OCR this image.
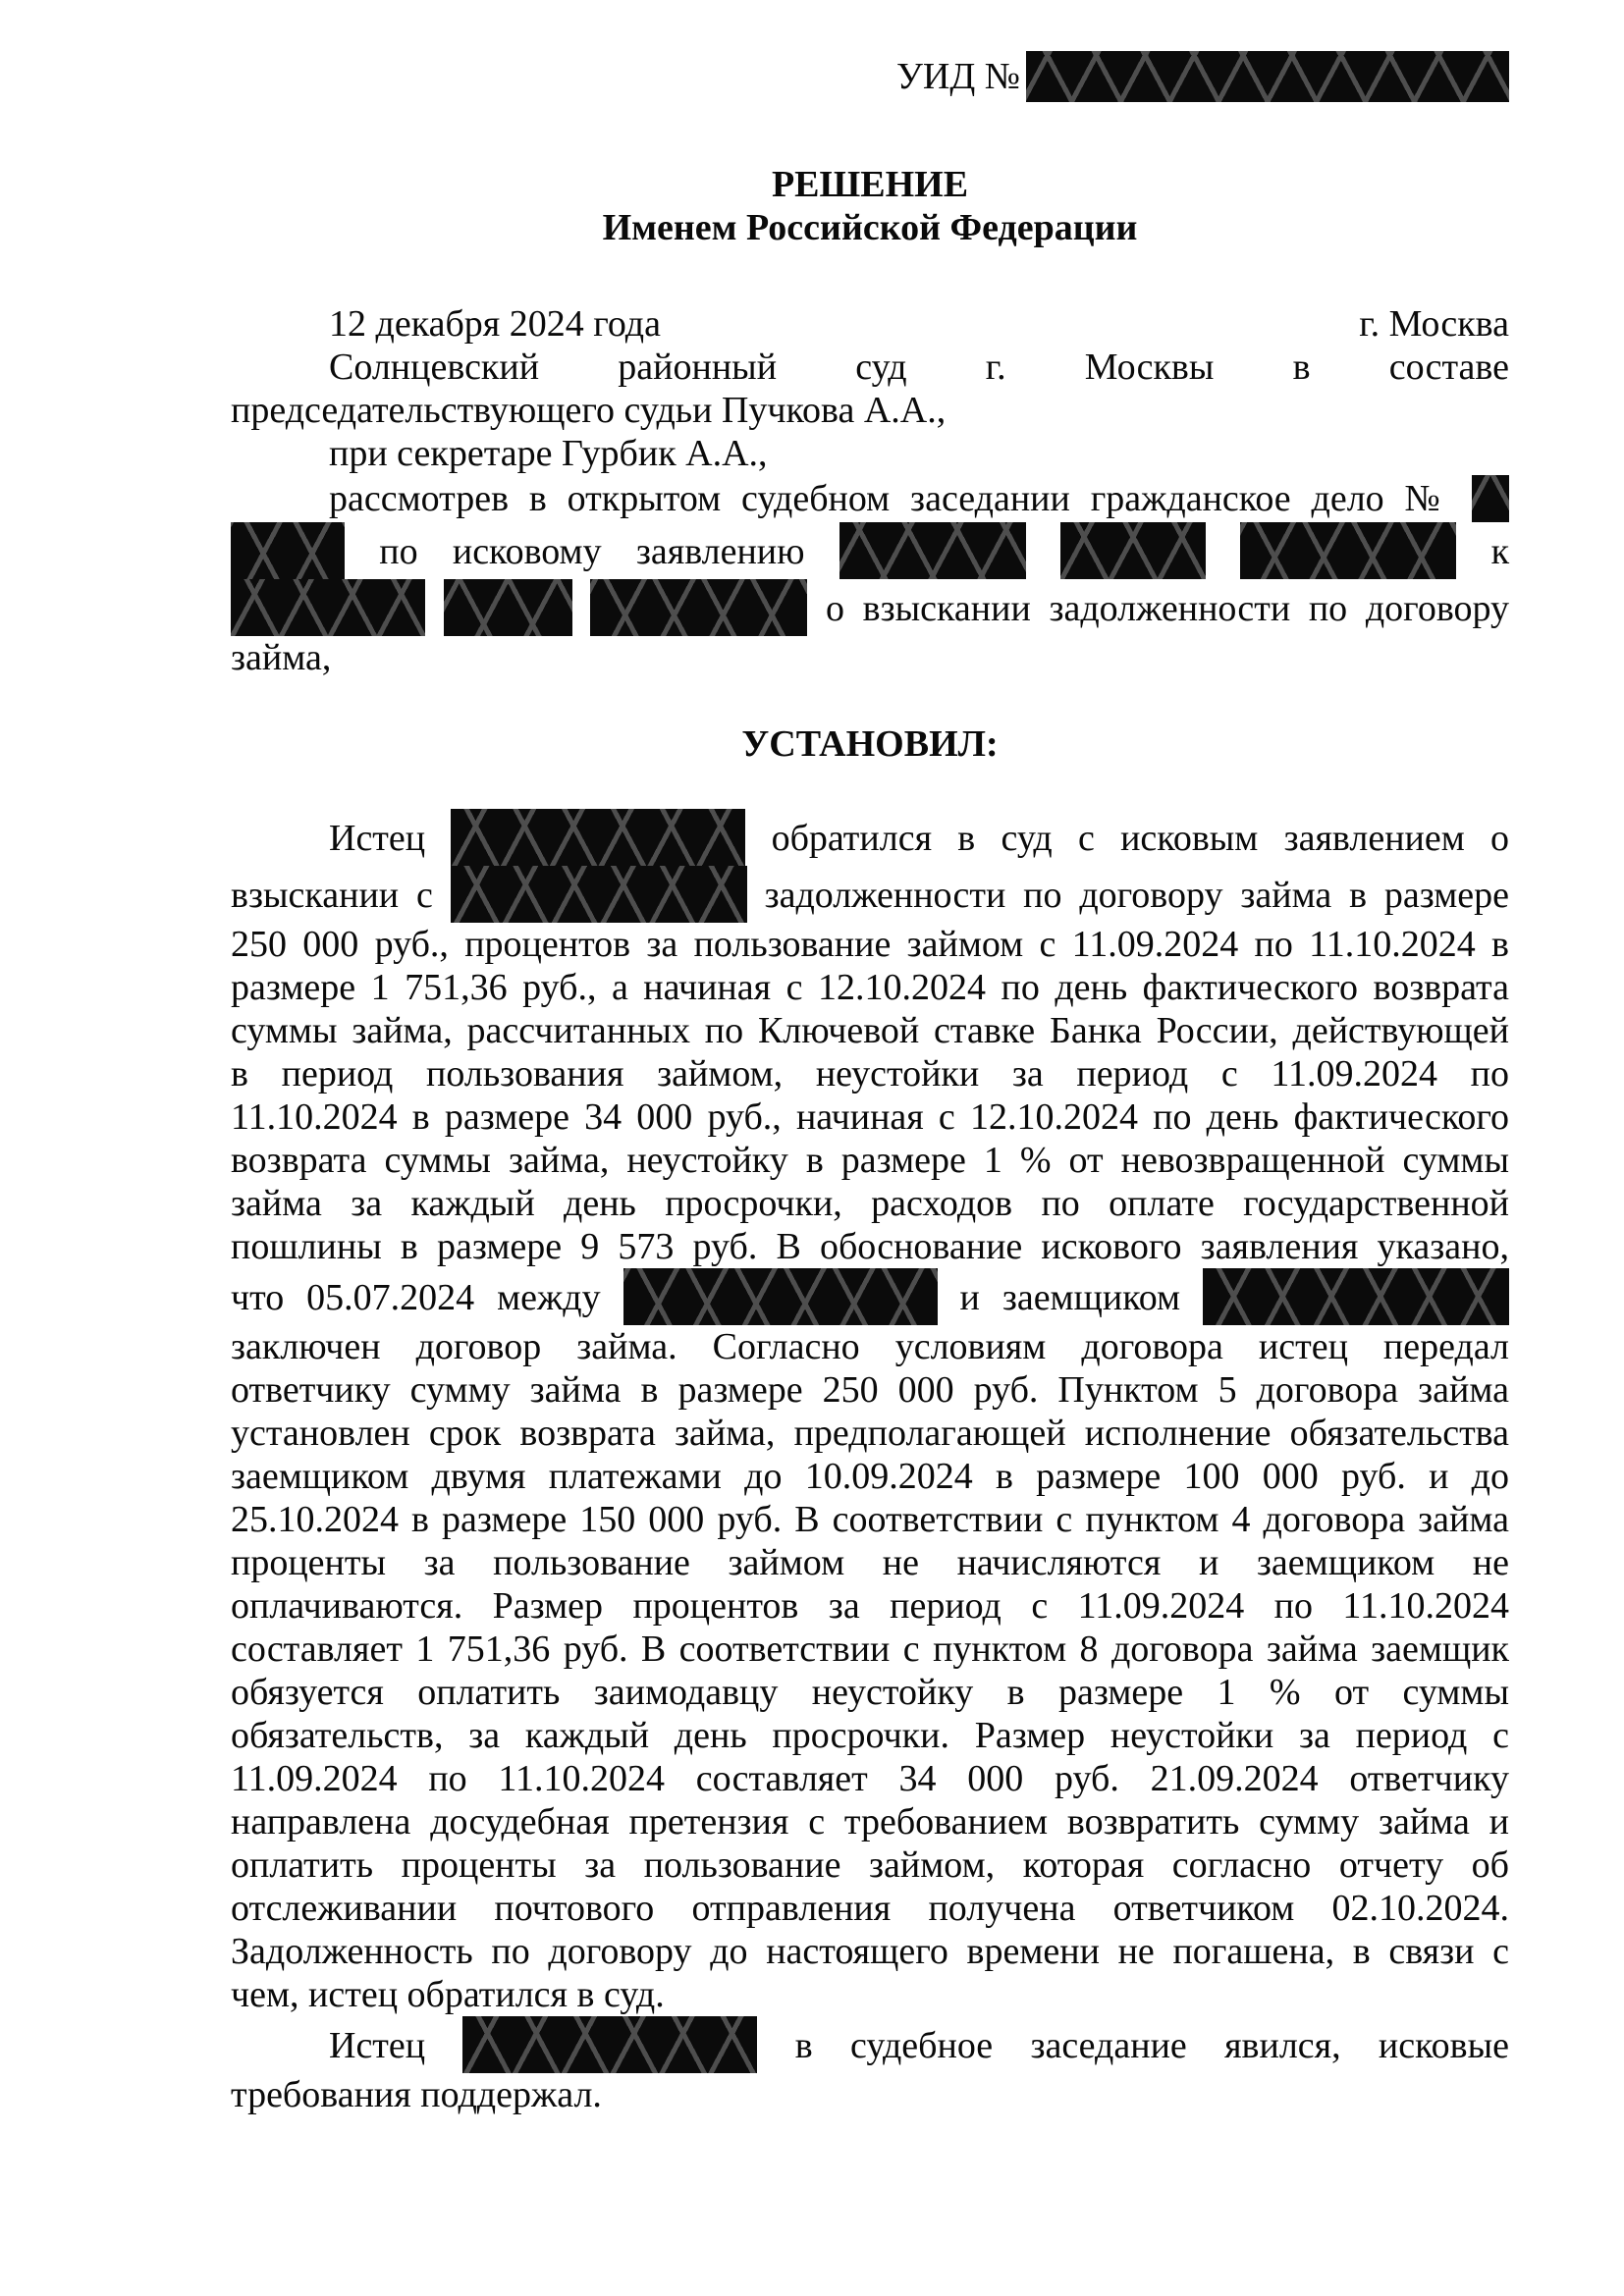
УИД №
РЕШЕНИЕ
Именем Российской Федерации
12 декабря 2024 года	г. Москва
Солнцевский районный суд г. Москвы в составе
председательствующего судьи Пучкова А.А.,
при секретаре Гурбик А.А.,
рассмотрев в открытом судебном заседании гражданское дело №
по исковому заявлению	к
о взыскании задолженности по договору
займа,
УСТАНОВИЛ:
Истец	обратился в суд с исковым заявлением о
взыскании с	задолженности по договору займа в размере
250 000 руб., процентов за пользование займом с 11.09.2024 по 11.10.2024 в
размере 1 751,36 руб., а начиная с 12.10.2024 по день фактического возврата
суммы займа, рассчитанных по Ключевой ставке Банка России, действующей
в период пользования займом, неустойки за период с 11.09.2024 по
11.10.2024 в размере 34 000 руб., начиная с 12.10.2024 по день фактического
возврата суммы займа, неустойку в размере 1 % от невозвращенной суммы
займа за каждый день просрочки, расходов по оплате государственной
пошлины в размере 9 573 руб. В обоснование искового заявления указано,
что 05.07.2024 между	и заемщиком
заключен договор займа. Согласно условиям договора истец передал
ответчику сумму займа в размере 250 000 руб. Пунктом 5 договора займа
установлен срок возврата займа, предполагающей исполнение обязательства
заемщиком двумя платежами до 10.09.2024 в размере 100 000 руб. и до
25.10.2024 в размере 150 000 руб. В соответствии с пунктом 4 договора займа
проценты за пользование займом не начисляются и заемщиком не
оплачиваются. Размер процентов за период с 11.09.2024 по 11.10.2024
составляет 1 751,36 руб. В соответствии с пунктом 8 договора займа заемщик
обязуется оплатить заимодавцу неустойку в размере 1 % от суммы
обязательств, за каждый день просрочки. Размер неустойки за период с
11.09.2024 по 11.10.2024 составляет 34 000 руб. 21.09.2024 ответчику
направлена досудебная претензия с требованием возвратить сумму займа и
оплатить проценты за пользование займом, которая согласно отчету об
отслеживании почтового отправления получена ответчиком 02.10.2024.
Задолженность по договору до настоящего времени не погашена, в связи с
чем, истец обратился в суд.
Истец	в судебное заседание явился, исковые
требования поддержал.
